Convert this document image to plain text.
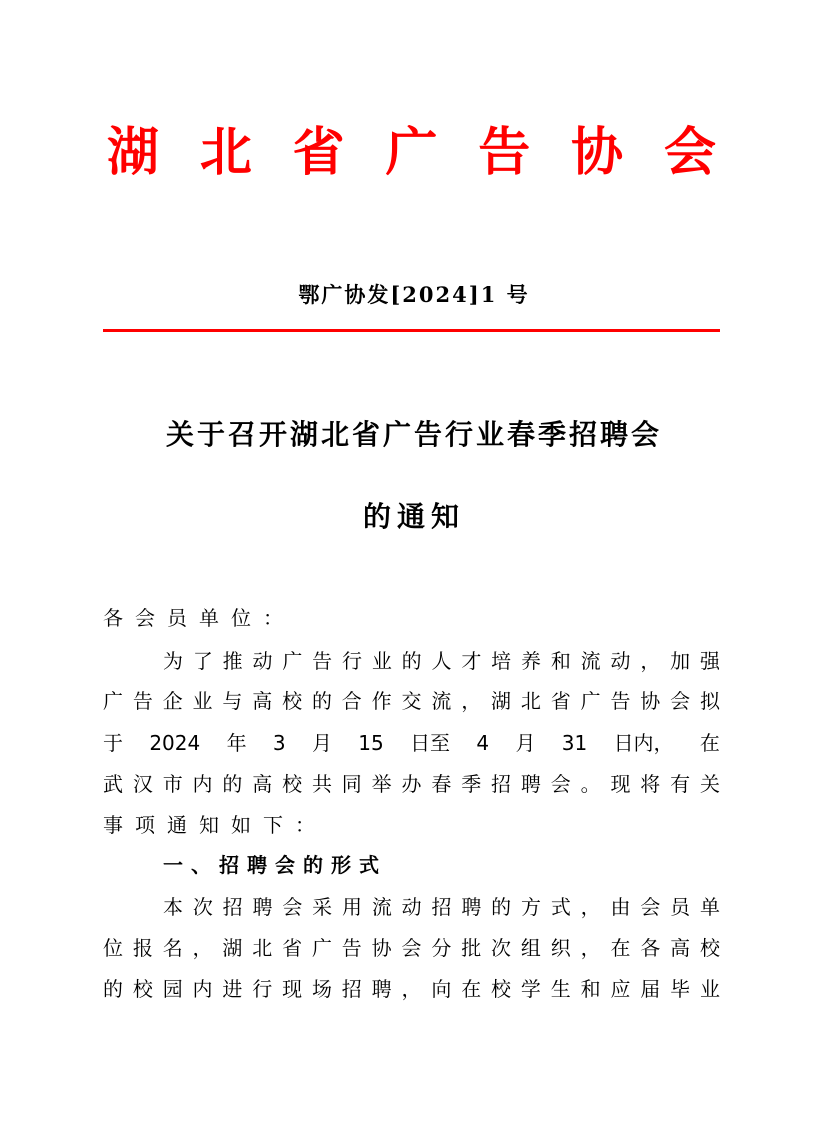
湖 北 省 广 告 协 会
鄂广协发[2024]1 号
关于召开湖北省广告行业春季招聘会
的通知
各会员单位：
为了推动广告行业的人才培养和流动，加强
广告企业与高校的合作交流，湖北省广告协会拟
于 2024 年 3 月 15 日至 4 月 31 日内， 在
武汉市内的高校共同举办春季招聘会。现将有关
事项通知如下：
一、招聘会的形式
本次招聘会采用流动招聘的方式，由会员单
位报名，湖北省广告协会分批次组织，在各高校
的校园内进行现场招聘，向在校学生和应届毕业
